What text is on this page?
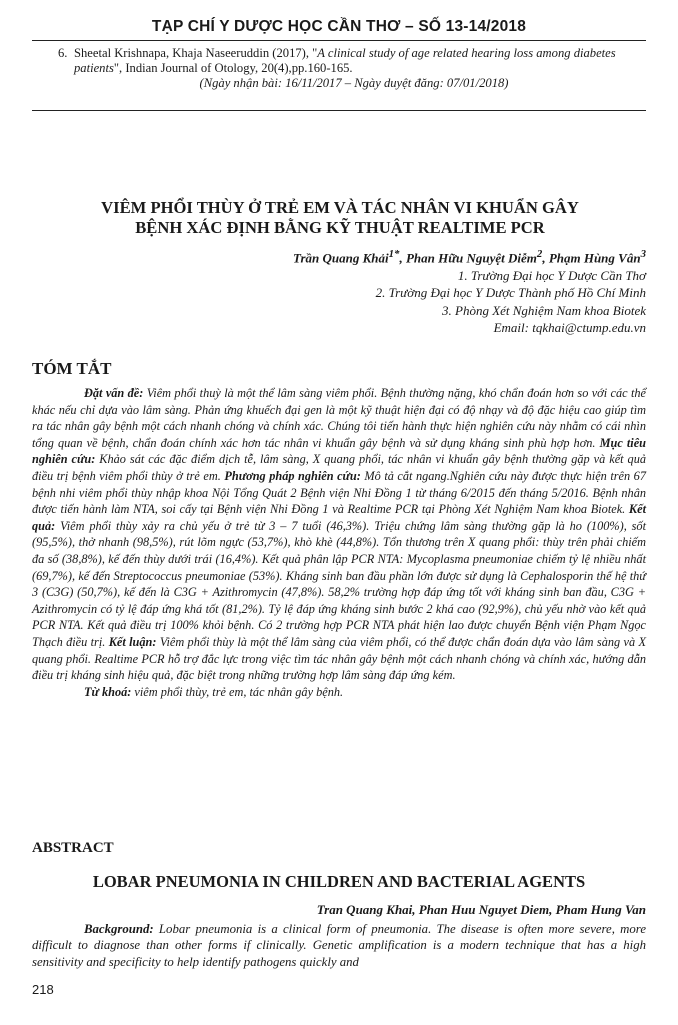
TẠP CHÍ Y DƯỢC HỌC CẦN THƠ – SỐ 13-14/2018
6. Sheetal Krishnapa, Khaja Naseeruddin (2017), "A clinical study of age related hearing loss among diabetes patients", Indian Journal of Otology, 20(4),pp.160-165.
(Ngày nhận bài: 16/11/2017 – Ngày duyệt đăng: 07/01/2018)
VIÊM PHỔI THÙY Ở TRẺ EM VÀ TÁC NHÂN VI KHUẨN GÂY
BỆNH XÁC ĐỊNH BẰNG KỸ THUẬT REALTIME PCR
Trần Quang Khải$^{1*}$, Phan Hữu Nguyệt Diễm$^2$, Phạm Hùng Vân$^3$
1. Trường Đại học Y Dược Cần Thơ
2. Trường Đại học Y Dược Thành phố Hồ Chí Minh
3. Phòng Xét Nghiệm Nam khoa Biotek
Email: tqkhai@ctump.edu.vn
TÓM TẮT

Đặt vấn đề: Viêm phổi thuỳ là một thể lâm sàng viêm phổi. Bệnh thường nặng, khó chẩn đoán hơn so với các thể khác nếu chỉ dựa vào lâm sàng. Phản ứng khuếch đại gen là một kỹ thuật hiện đại có độ nhạy và độ đặc hiệu cao giúp tìm ra tác nhân gây bệnh một cách nhanh chóng và chính xác. Chúng tôi tiến hành thực hiện nghiên cứu này nhằm có cái nhìn tổng quan về bệnh, chẩn đoán chính xác hơn tác nhân vi khuẩn gây bệnh và sử dụng kháng sinh phù hợp hơn. Mục tiêu nghiên cứu: Khảo sát các đặc điểm dịch tễ, lâm sàng, X quang phổi, tác nhân vi khuẩn gây bệnh thường gặp và kết quả điều trị bệnh viêm phổi thùy ở trẻ em. Phương pháp nghiên cứu: Mô tả cắt ngang.Nghiên cứu này được thực hiện trên 67 bệnh nhi viêm phổi thùy nhập khoa Nội Tổng Quát 2 Bệnh viện Nhi Đồng 1 từ tháng 6/2015 đến tháng 5/2016. Bệnh nhân được tiến hành làm NTA, soi cấy tại Bệnh viện Nhi Đồng 1 và Realtime PCR tại Phòng Xét Nghiệm Nam khoa Biotek. Kết quả: Viêm phổi thùy xảy ra chủ yếu ở trẻ từ 3 – 7 tuổi (46,3%). Triệu chứng lâm sàng thường gặp là ho (100%), sốt (95,5%), thở nhanh (98,5%), rút lõm ngực (53,7%), khò khè (44,8%). Tổn thương trên X quang phổi: thùy trên phải chiếm đa số (38,8%), kế đến thùy dưới trái (16,4%). Kết quả phân lập PCR NTA: Mycoplasma pneumoniae chiếm tỷ lệ nhiều nhất (69,7%), kế đến Streptococcus pneumoniae (53%). Kháng sinh ban đầu phần lớn được sử dụng là Cephalosporin thế hệ thứ 3 (C3G) (50,7%), kế đến là C3G + Azithromycin (47,8%). 58,2% trường hợp đáp ứng tốt với kháng sinh ban đầu, C3G + Azithromycin có tỷ lệ đáp ứng khá tốt (81,2%). Tỷ lệ đáp ứng kháng sinh bước 2 khá cao (92,9%), chủ yếu nhờ vào kết quả PCR NTA. Kết quả điều trị 100% khỏi bệnh. Có 2 trường hợp PCR NTA phát hiện lao được chuyển Bệnh viện Phạm Ngọc Thạch điều trị. Kết luận: Viêm phổi thùy là một thể lâm sàng của viêm phổi, có thể được chẩn đoán dựa vào lâm sàng và X quang phổi. Realtime PCR hỗ trợ đắc lực trong việc tìm tác nhân gây bệnh một cách nhanh chóng và chính xác, hướng dẫn điều trị kháng sinh hiệu quả, đặc biệt trong những trường hợp lâm sàng đáp ứng kém.

Từ khoá: viêm phổi thùy, trẻ em, tác nhân gây bệnh.

ABSTRACT
LOBAR PNEUMONIA IN CHILDREN AND BACTERIAL AGENTS
Tran Quang Khai, Phan Huu Nguyet Diem, Pham Hung Van
Background: Lobar pneumonia is a clinical form of pneumonia. The disease is often more severe, more difficult to diagnose than other forms if clinically. Genetic amplification is a modern technique that has a high sensitivity and specificity to help identify pathogens quickly and
218
